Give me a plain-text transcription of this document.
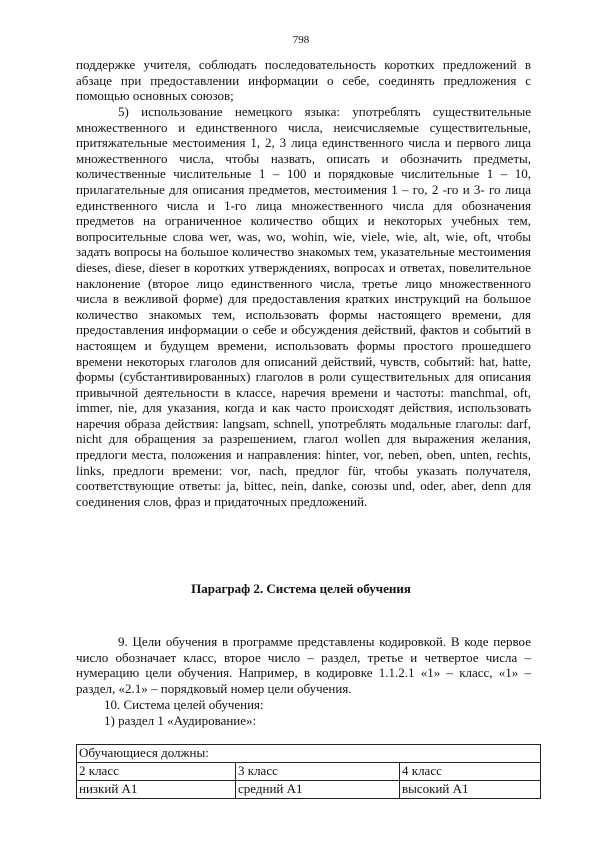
798

поддержке учителя, соблюдать последовательность коротких предложений в абзаце при предоставлении информации о себе, соединять предложения с помощью основных союзов;

5) использование немецкого языка: употреблять существительные множественного и единственного числа, неисчисляемые существительные, притяжательные местоимения 1, 2, 3 лица единственного числа и первого лица множественного числа, чтобы назвать, описать и обозначить предметы, количественные числительные 1 – 100 и порядковые числительные 1 – 10, прилагательные для описания предметов, местоимения 1 – го, 2 -го и 3- го лица единственного числа и 1-го лица множественного числа для обозначения предметов на ограниченное количество общих и некоторых учебных тем, вопросительные слова wer, was, wo, wohin, wie, viele, wie, alt, wie, oft, чтобы задать вопросы на большое количество знакомых тем, указательные местоимения dieses, diese, dieser в коротких утверждениях, вопросах и ответах, повелительное наклонение (второе лицо единственного числа, третье лицо множественного числа в вежливой форме) для предоставления кратких инструкций на большое количество знакомых тем, использовать формы настоящего времени, для предоставления информации о себе и обсуждения действий, фактов и событий в настоящем и будущем времени, использовать формы простого прошедшего времени некоторых глаголов для описаний действий, чувств, событий: hat, hatte, формы (субстантивированных) глаголов в роли существительных для описания привычной деятельности в классе, наречия времени и частоты: manchmal, oft, immer, nie, для указания, когда и как часто происходят действия, использовать наречия образа действия: langsam, schnell, употреблять модальные глаголы: darf, nicht для обращения за разрешением, глагол wollen для выражения желания, предлоги места, положения и направления: hinter, vor, neben, oben, unten, rechts, links, предлоги времени: vor, nach, предлог für, чтобы указать получателя, соответствующие ответы: ja, bittec, nein, danke, союзы und, oder, aber, denn для соединения слов, фраз и придаточных предложений.

Параграф 2. Система целей обучения

9. Цели обучения в программе представлены кодировкой. В коде первое число обозначает класс, второе число – раздел, третье и четвертое числа – нумерацию цели обучения. Например, в кодировке 1.1.2.1 «1» – класс, «1» – раздел, «2.1» – порядковый номер цели обучения.

10. Система целей обучения:
1) раздел 1 «Аудирование»:
Обучающиеся должны:		
2 класс	3 класс	4 класс
низкий A1	средний A1	высокий A1
